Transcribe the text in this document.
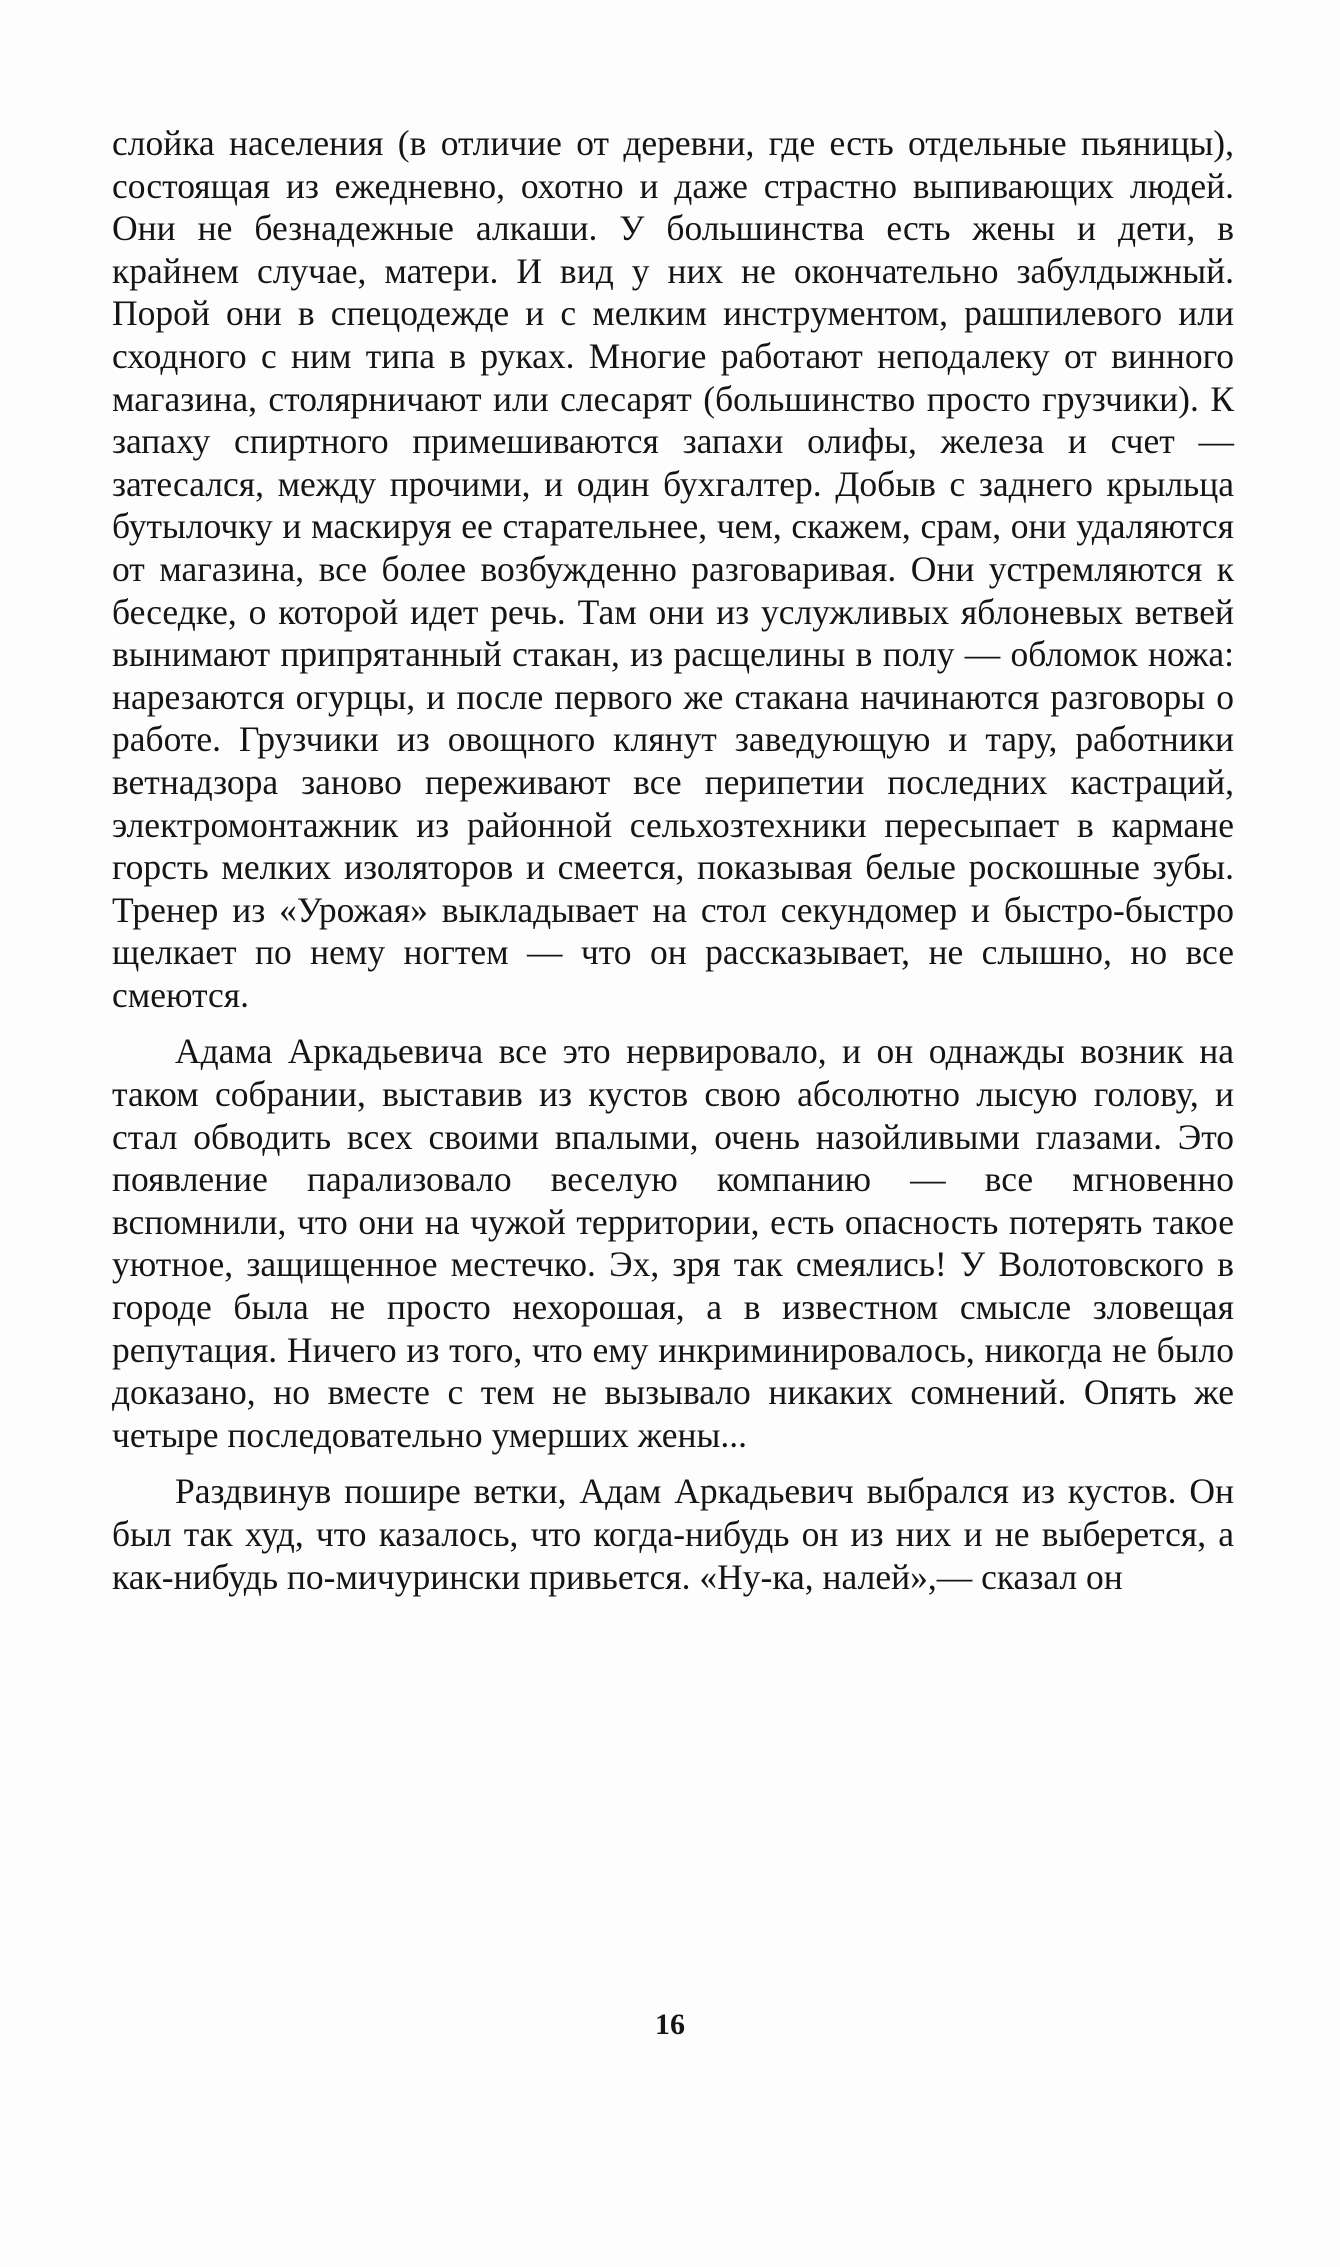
слойка населения (в отличие от деревни, где есть отдельные пьяницы), состоящая из ежедневно, охотно и даже страстно выпивающих людей. Они не безнадежные алкаши. У большинства есть жены и дети, в крайнем случае, матери. И вид у них не окончательно забулдыжный. Порой они в спецодежде и с мелким инструментом, рашпилевого или сходного с ним типа в руках. Многие работают неподалеку от винного магазина, столярничают или слесарят (большинство просто грузчики). К запаху спиртного примешиваются запахи олифы, железа и счет — затесался, между прочими, и один бухгалтер. Добыв с заднего крыльца бутылочку и маскируя ее старательнее, чем, скажем, срам, они удаляются от магазина, все более возбужденно разговаривая. Они устремляются к беседке, о которой идет речь. Там они из услужливых яблоневых ветвей вынимают припрятанный стакан, из расщелины в полу — обломок ножа: нарезаются огурцы, и после первого же стакана начинаются разговоры о работе. Грузчики из овощного клянут заведующую и тару, работники ветнадзора заново переживают все перипетии последних кастраций, электромонтажник из районной сельхозтехники пересыпает в кармане горсть мелких изоляторов и смеется, показывая белые роскошные зубы. Тренер из «Урожая» выкладывает на стол секундомер и быстро-быстро щелкает по нему ногтем — что он рассказывает, не слышно, но все смеются.

Адама Аркадьевича все это нервировало, и он однажды возник на таком собрании, выставив из кустов свою абсолютно лысую голову, и стал обводить всех своими впалыми, очень назойливыми глазами. Это появление парализовало веселую компанию — все мгновенно вспомнили, что они на чужой территории, есть опасность потерять такое уютное, защищенное местечко. Эх, зря так смеялись! У Волотовского в городе была не просто нехорошая, а в известном смысле зловещая репутация. Ничего из того, что ему инкриминировалось, никогда не было доказано, но вместе с тем не вызывало никаких сомнений. Опять же четыре последовательно умерших жены...

Раздвинув пошире ветки, Адам Аркадьевич выбрался из кустов. Он был так худ, что казалось, что когда-нибудь он из них и не выберется, а как-нибудь по-мичурински привьется. «Ну-ка, налей»,— сказал он

16
